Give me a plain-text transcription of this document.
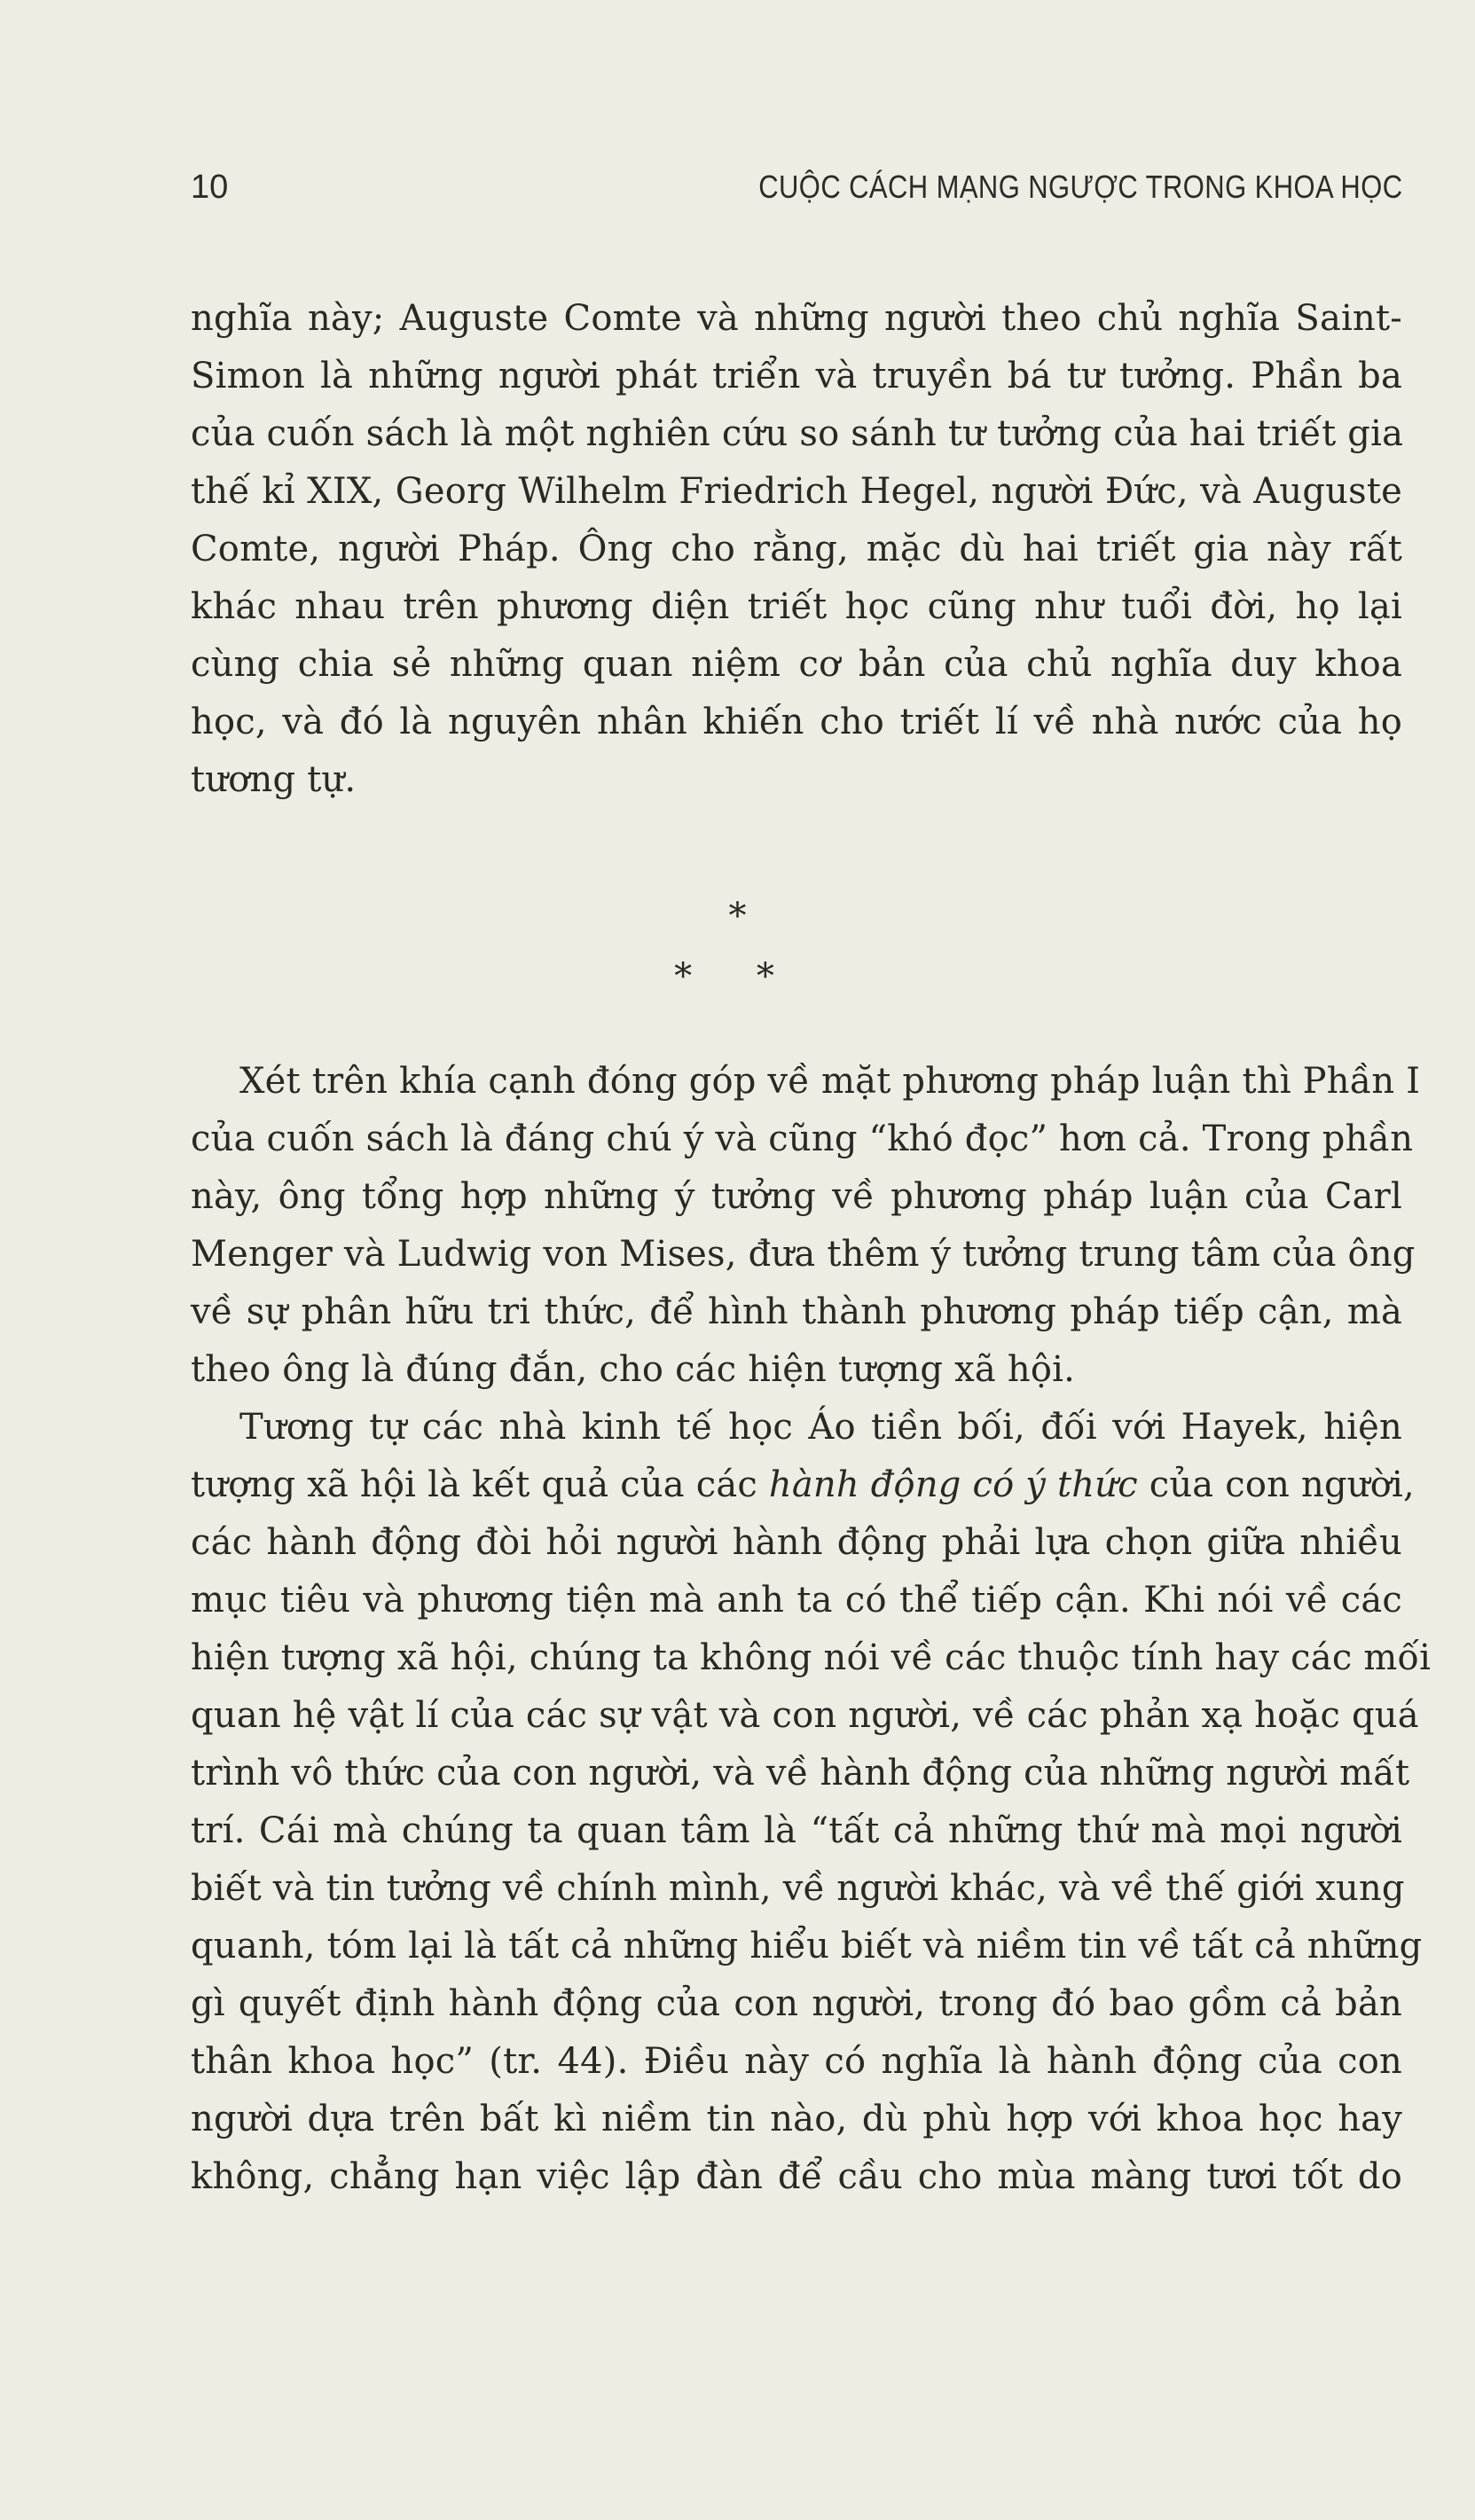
10	CUỘC CÁCH MẠNG NGƯỢC TRONG KHOA HỌC
nghĩa này; Auguste Comte và những người theo chủ nghĩa Saint-
Simon là những người phát triển và truyền bá tư tưởng. Phần ba
của cuốn sách là một nghiên cứu so sánh tư tưởng của hai triết gia
thế kỉ XIX, Georg Wilhelm Friedrich Hegel, người Đức, và Auguste
Comte, người Pháp. Ông cho rằng, mặc dù hai triết gia này rất
khác nhau trên phương diện triết học cũng như tuổi đời, họ lại
cùng chia sẻ những quan niệm cơ bản của chủ nghĩa duy khoa
học, và đó là nguyên nhân khiến cho triết lí về nhà nước của họ
tương tự.
*
* *
Xét trên khía cạnh đóng góp về mặt phương pháp luận thì Phần I
của cuốn sách là đáng chú ý và cũng “khó đọc” hơn cả. Trong phần
này, ông tổng hợp những ý tưởng về phương pháp luận của Carl
Menger và Ludwig von Mises, đưa thêm ý tưởng trung tâm của ông
về sự phân hữu tri thức, để hình thành phương pháp tiếp cận, mà
theo ông là đúng đắn, cho các hiện tượng xã hội.
Tương tự các nhà kinh tế học Áo tiền bối, đối với Hayek, hiện
tượng xã hội là kết quả của các hành động có ý thức của con người,
các hành động đòi hỏi người hành động phải lựa chọn giữa nhiều
mục tiêu và phương tiện mà anh ta có thể tiếp cận. Khi nói về các
hiện tượng xã hội, chúng ta không nói về các thuộc tính hay các mối
quan hệ vật lí của các sự vật và con người, về các phản xạ hoặc quá
trình vô thức của con người, và về hành động của những người mất
trí. Cái mà chúng ta quan tâm là “tất cả những thứ mà mọi người
biết và tin tưởng về chính mình, về người khác, và về thế giới xung
quanh, tóm lại là tất cả những hiểu biết và niềm tin về tất cả những
gì quyết định hành động của con người, trong đó bao gồm cả bản
thân khoa học” (tr. 44). Điều này có nghĩa là hành động của con
người dựa trên bất kì niềm tin nào, dù phù hợp với khoa học hay
không, chẳng hạn việc lập đàn để cầu cho mùa màng tươi tốt do
